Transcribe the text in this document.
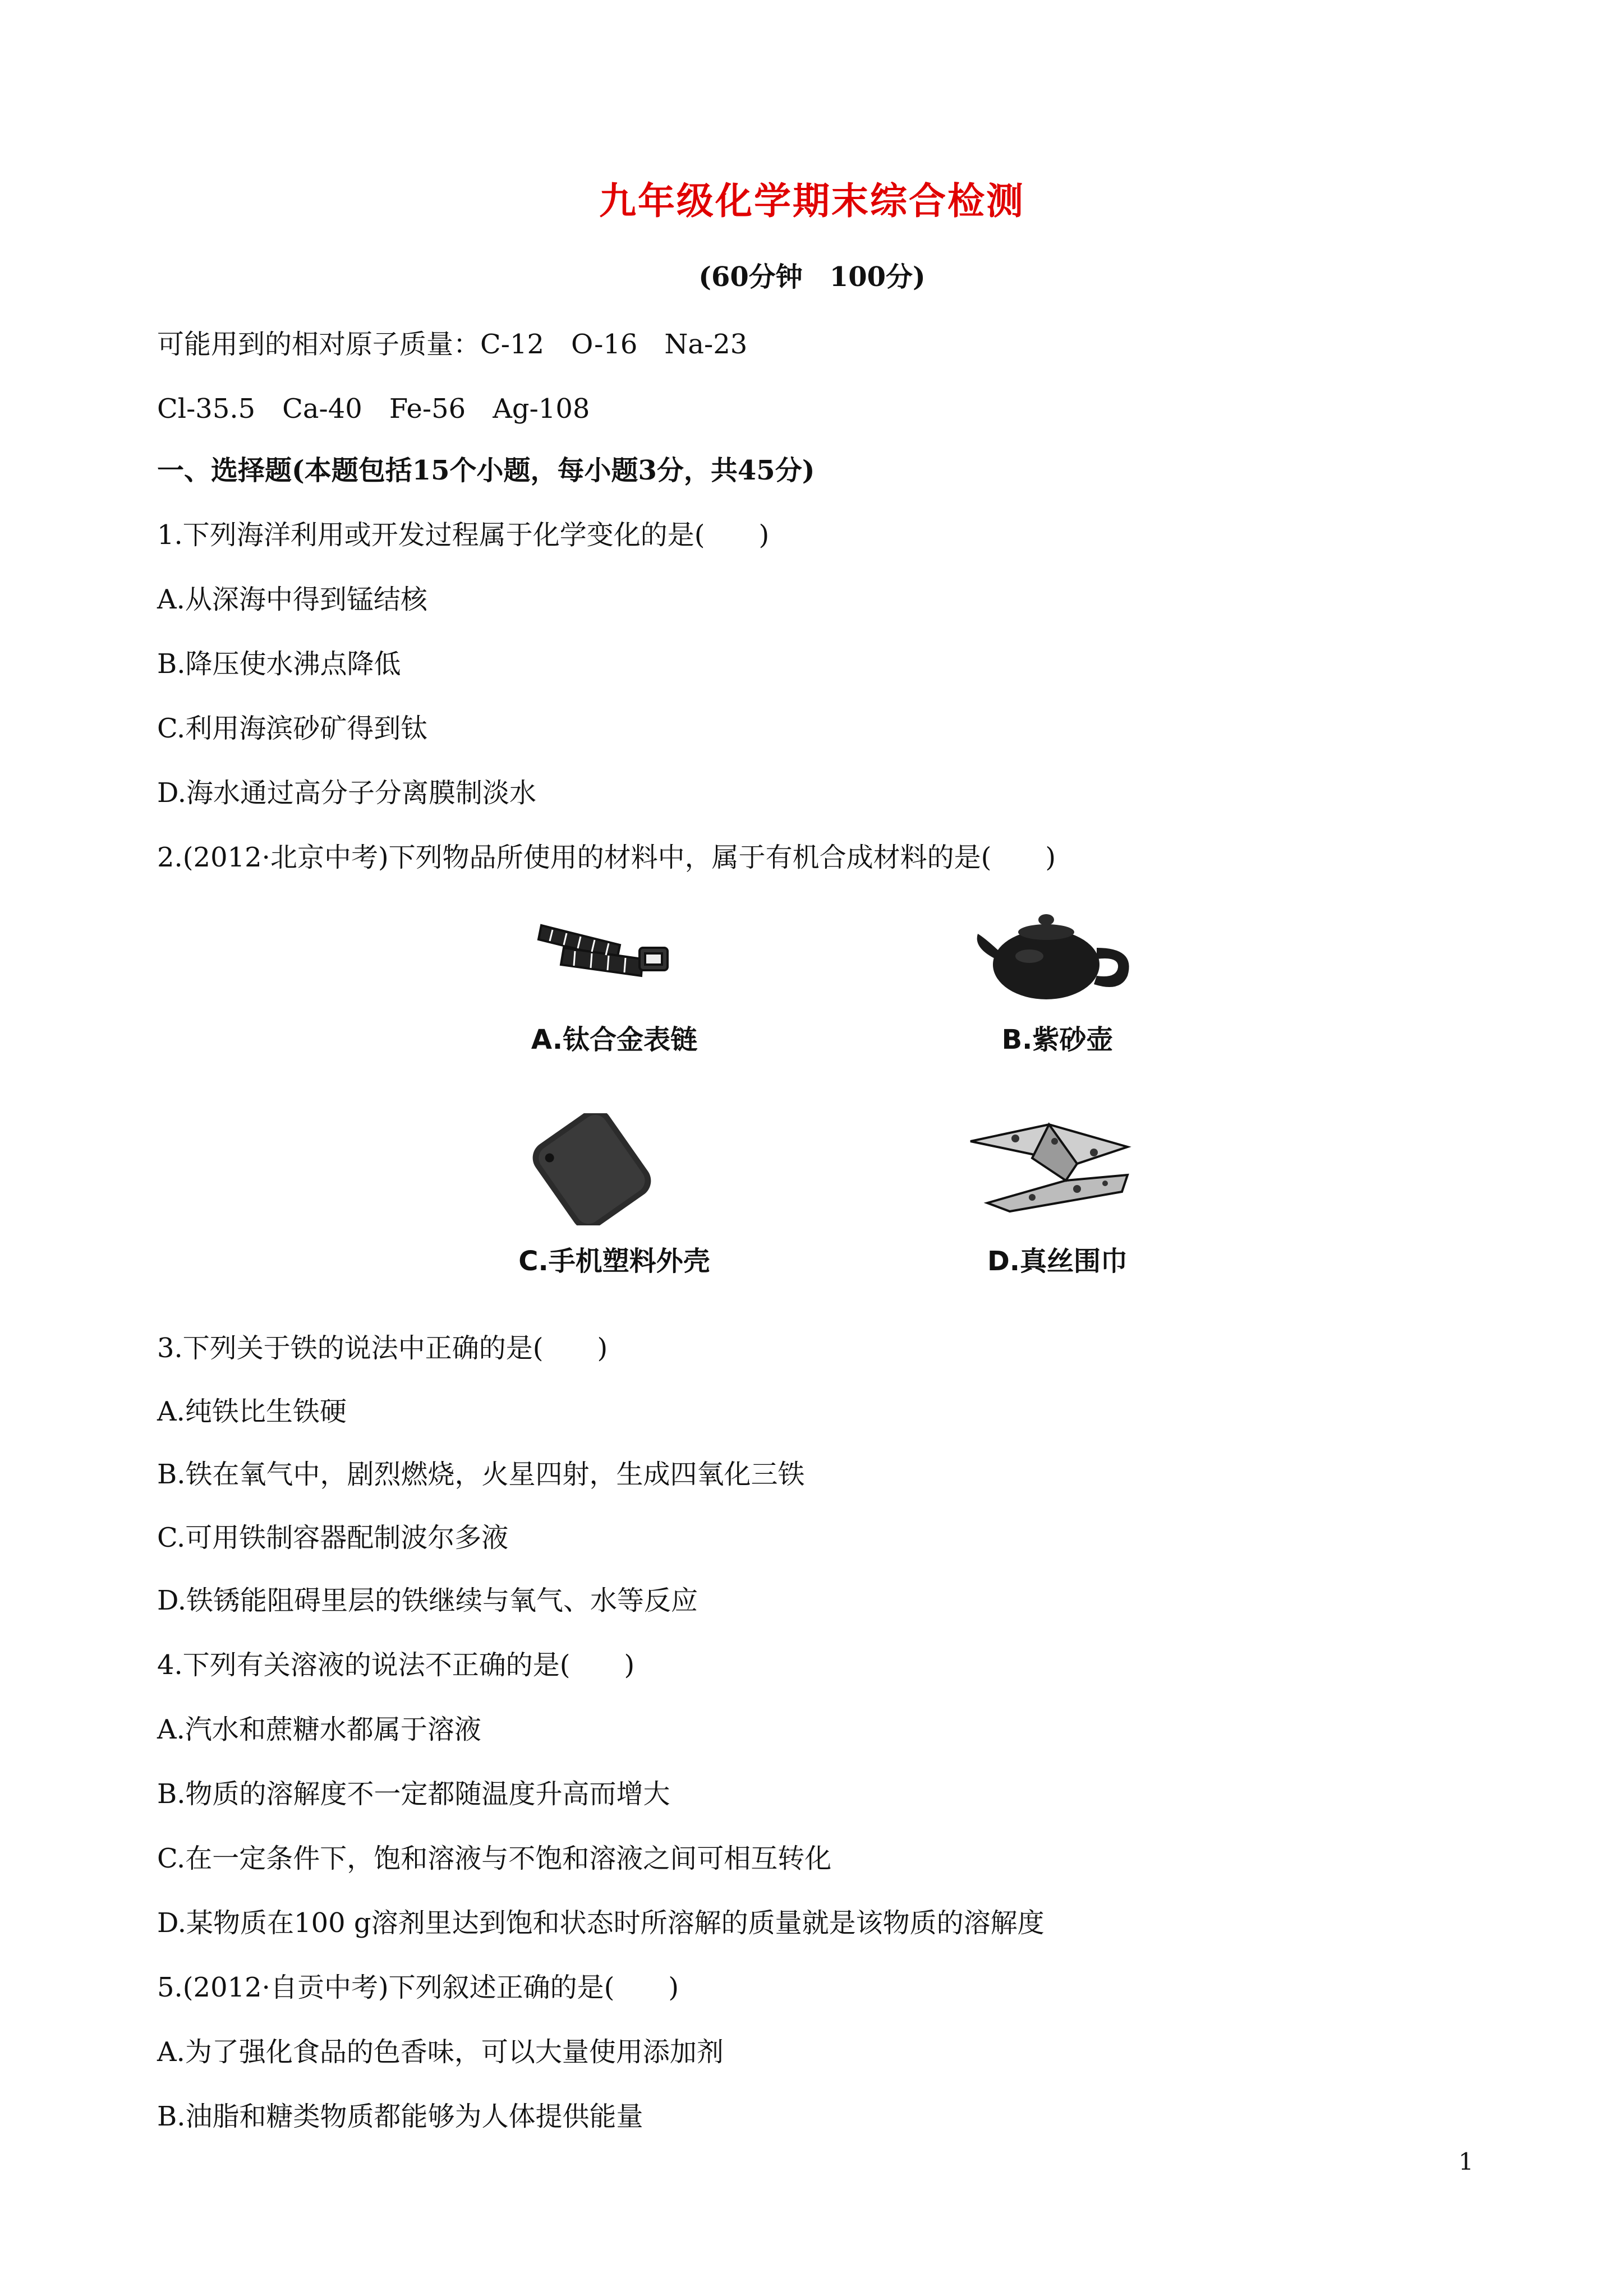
九年级化学期末综合检测
(60分钟　100分)
可能用到的相对原子质量：C-12　O-16　Na-23
Cl-35.5　Ca-40　Fe-56　Ag-108
一、选择题(本题包括15个小题，每小题3分，共45分)
1.下列海洋利用或开发过程属于化学变化的是(　　)
A.从深海中得到锰结核
B.降压使水沸点降低
C.利用海滨砂矿得到钛
D.海水通过高分子分离膜制淡水
2.(2012·北京中考)下列物品所使用的材料中，属于有机合成材料的是(　　)
A.钛合金表链	B.紫砂壶
C.手机塑料外壳	D.真丝围巾
3.下列关于铁的说法中正确的是(　　)
A.纯铁比生铁硬
B.铁在氧气中，剧烈燃烧，火星四射，生成四氧化三铁
C.可用铁制容器配制波尔多液
D.铁锈能阻碍里层的铁继续与氧气、水等反应
4.下列有关溶液的说法不正确的是(　　)
A.汽水和蔗糖水都属于溶液
B.物质的溶解度不一定都随温度升高而增大
C.在一定条件下，饱和溶液与不饱和溶液之间可相互转化
D.某物质在100 g溶剂里达到饱和状态时所溶解的质量就是该物质的溶解度
5.(2012·自贡中考)下列叙述正确的是(　　)
A.为了强化食品的色香味，可以大量使用添加剂
B.油脂和糖类物质都能够为人体提供能量
1
